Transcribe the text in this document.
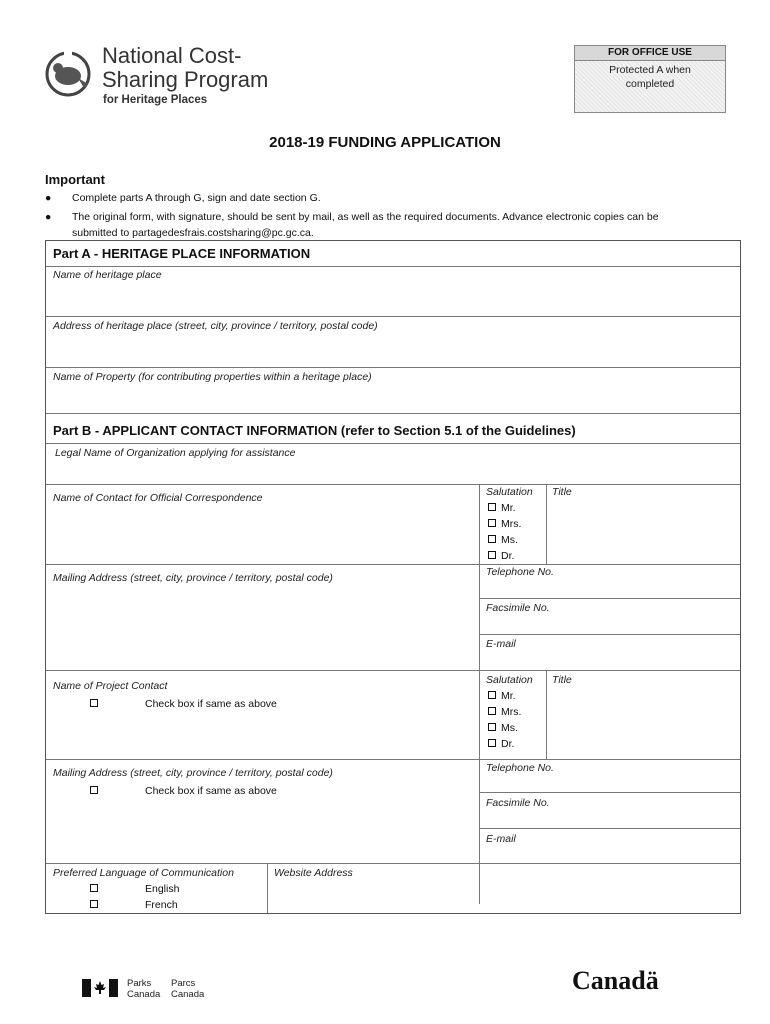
National Cost-
Sharing Program
for Heritage Places
FOR OFFICE USE
Protected A when
completed
2018-19 FUNDING APPLICATION
Important
●	Complete parts A through G, sign and date section G.
●	The original form, with signature, should be sent by mail, as well as the required documents. Advance electronic copies can be
submitted to partagedesfrais.costsharing@pc.gc.ca.
Part A - HERITAGE PLACE INFORMATION
Name of heritage place
Address of heritage place (street, city, province / territory, postal code)
Name of Property (for contributing properties within a heritage place)
Part B - APPLICANT CONTACT INFORMATION (refer to Section 5.1 of the Guidelines)
Legal Name of Organization applying for assistance
Name of Contact for Official Correspondence	Salutation Title
Mr.
Mrs.
Ms.
Dr.
Mailing Address (street, city, province / territory, postal code)	Telephone No.
Facsimile No.
E-mail
Name of Project Contact
Check box if same as above
Salutation Title
Mr.
Mrs.
Ms.
Dr.
Mailing Address (street, city, province / territory, postal code)
Check box if same as above
Telephone No.
Facsimile No.
E-mail
Preferred Language of Communication
English
French
Website Address
Parks
Canada
Parcs
Canada	Canadä
